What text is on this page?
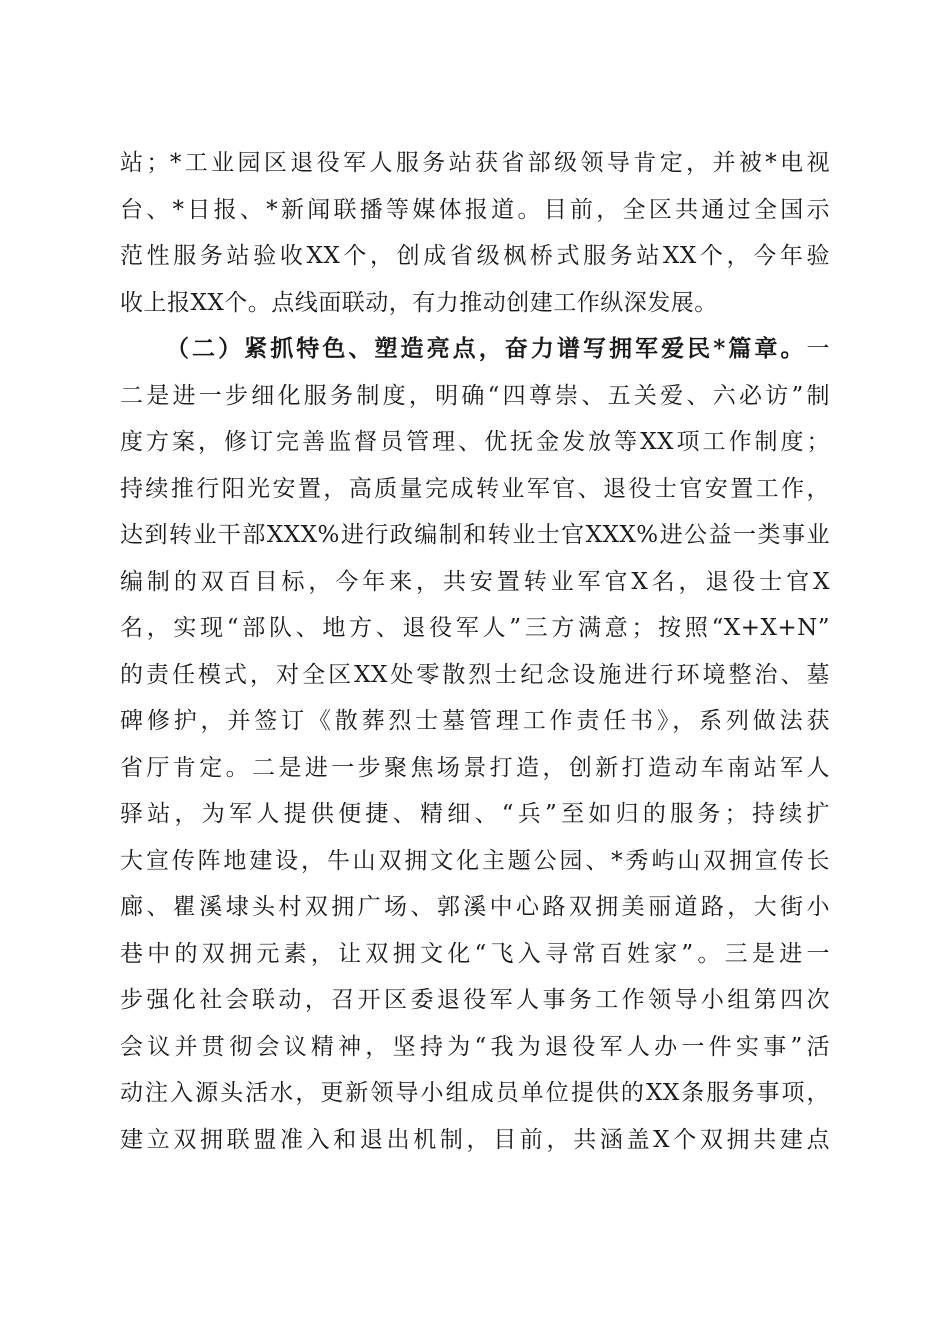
站；*工业园区退役军人服务站获省部级领导肯定，并被*电视
台、*日报、*新闻联播等媒体报道。目前，全区共通过全国示
范性服务站验收XX个，创成省级枫桥式服务站XX个，今年验
收上报XX个。点线面联动，有力推动创建工作纵深发展。
（二）紧抓特色、塑造亮点，奋力谱写拥军爱民*篇章。一
二是进一步细化服务制度，明确“四尊崇、五关爱、六必访”制
度方案，修订完善监督员管理、优抚金发放等XX项工作制度；
持续推行阳光安置，高质量完成转业军官、退役士官安置工作，
达到转业干部XXX%进行政编制和转业士官XXX%进公益一类事业
编制的双百目标，今年来，共安置转业军官X名，退役士官X
名，实现“部队、地方、退役军人”三方满意；按照“X+X+N”
的责任模式，对全区XX处零散烈士纪念设施进行环境整治、墓
碑修护，并签订《散葬烈士墓管理工作责任书》，系列做法获
省厅肯定。二是进一步聚焦场景打造，创新打造动车南站军人
驿站，为军人提供便捷、精细、“兵”至如归的服务；持续扩
大宣传阵地建设，牛山双拥文化主题公园、*秀屿山双拥宣传长
廊、瞿溪埭头村双拥广场、郭溪中心路双拥美丽道路，大街小
巷中的双拥元素，让双拥文化“飞入寻常百姓家”。三是进一
步强化社会联动，召开区委退役军人事务工作领导小组第四次
会议并贯彻会议精神，坚持为“我为退役军人办一件实事”活
动注入源头活水，更新领导小组成员单位提供的XX条服务事项，
建立双拥联盟准入和退出机制，目前，共涵盖X个双拥共建点
